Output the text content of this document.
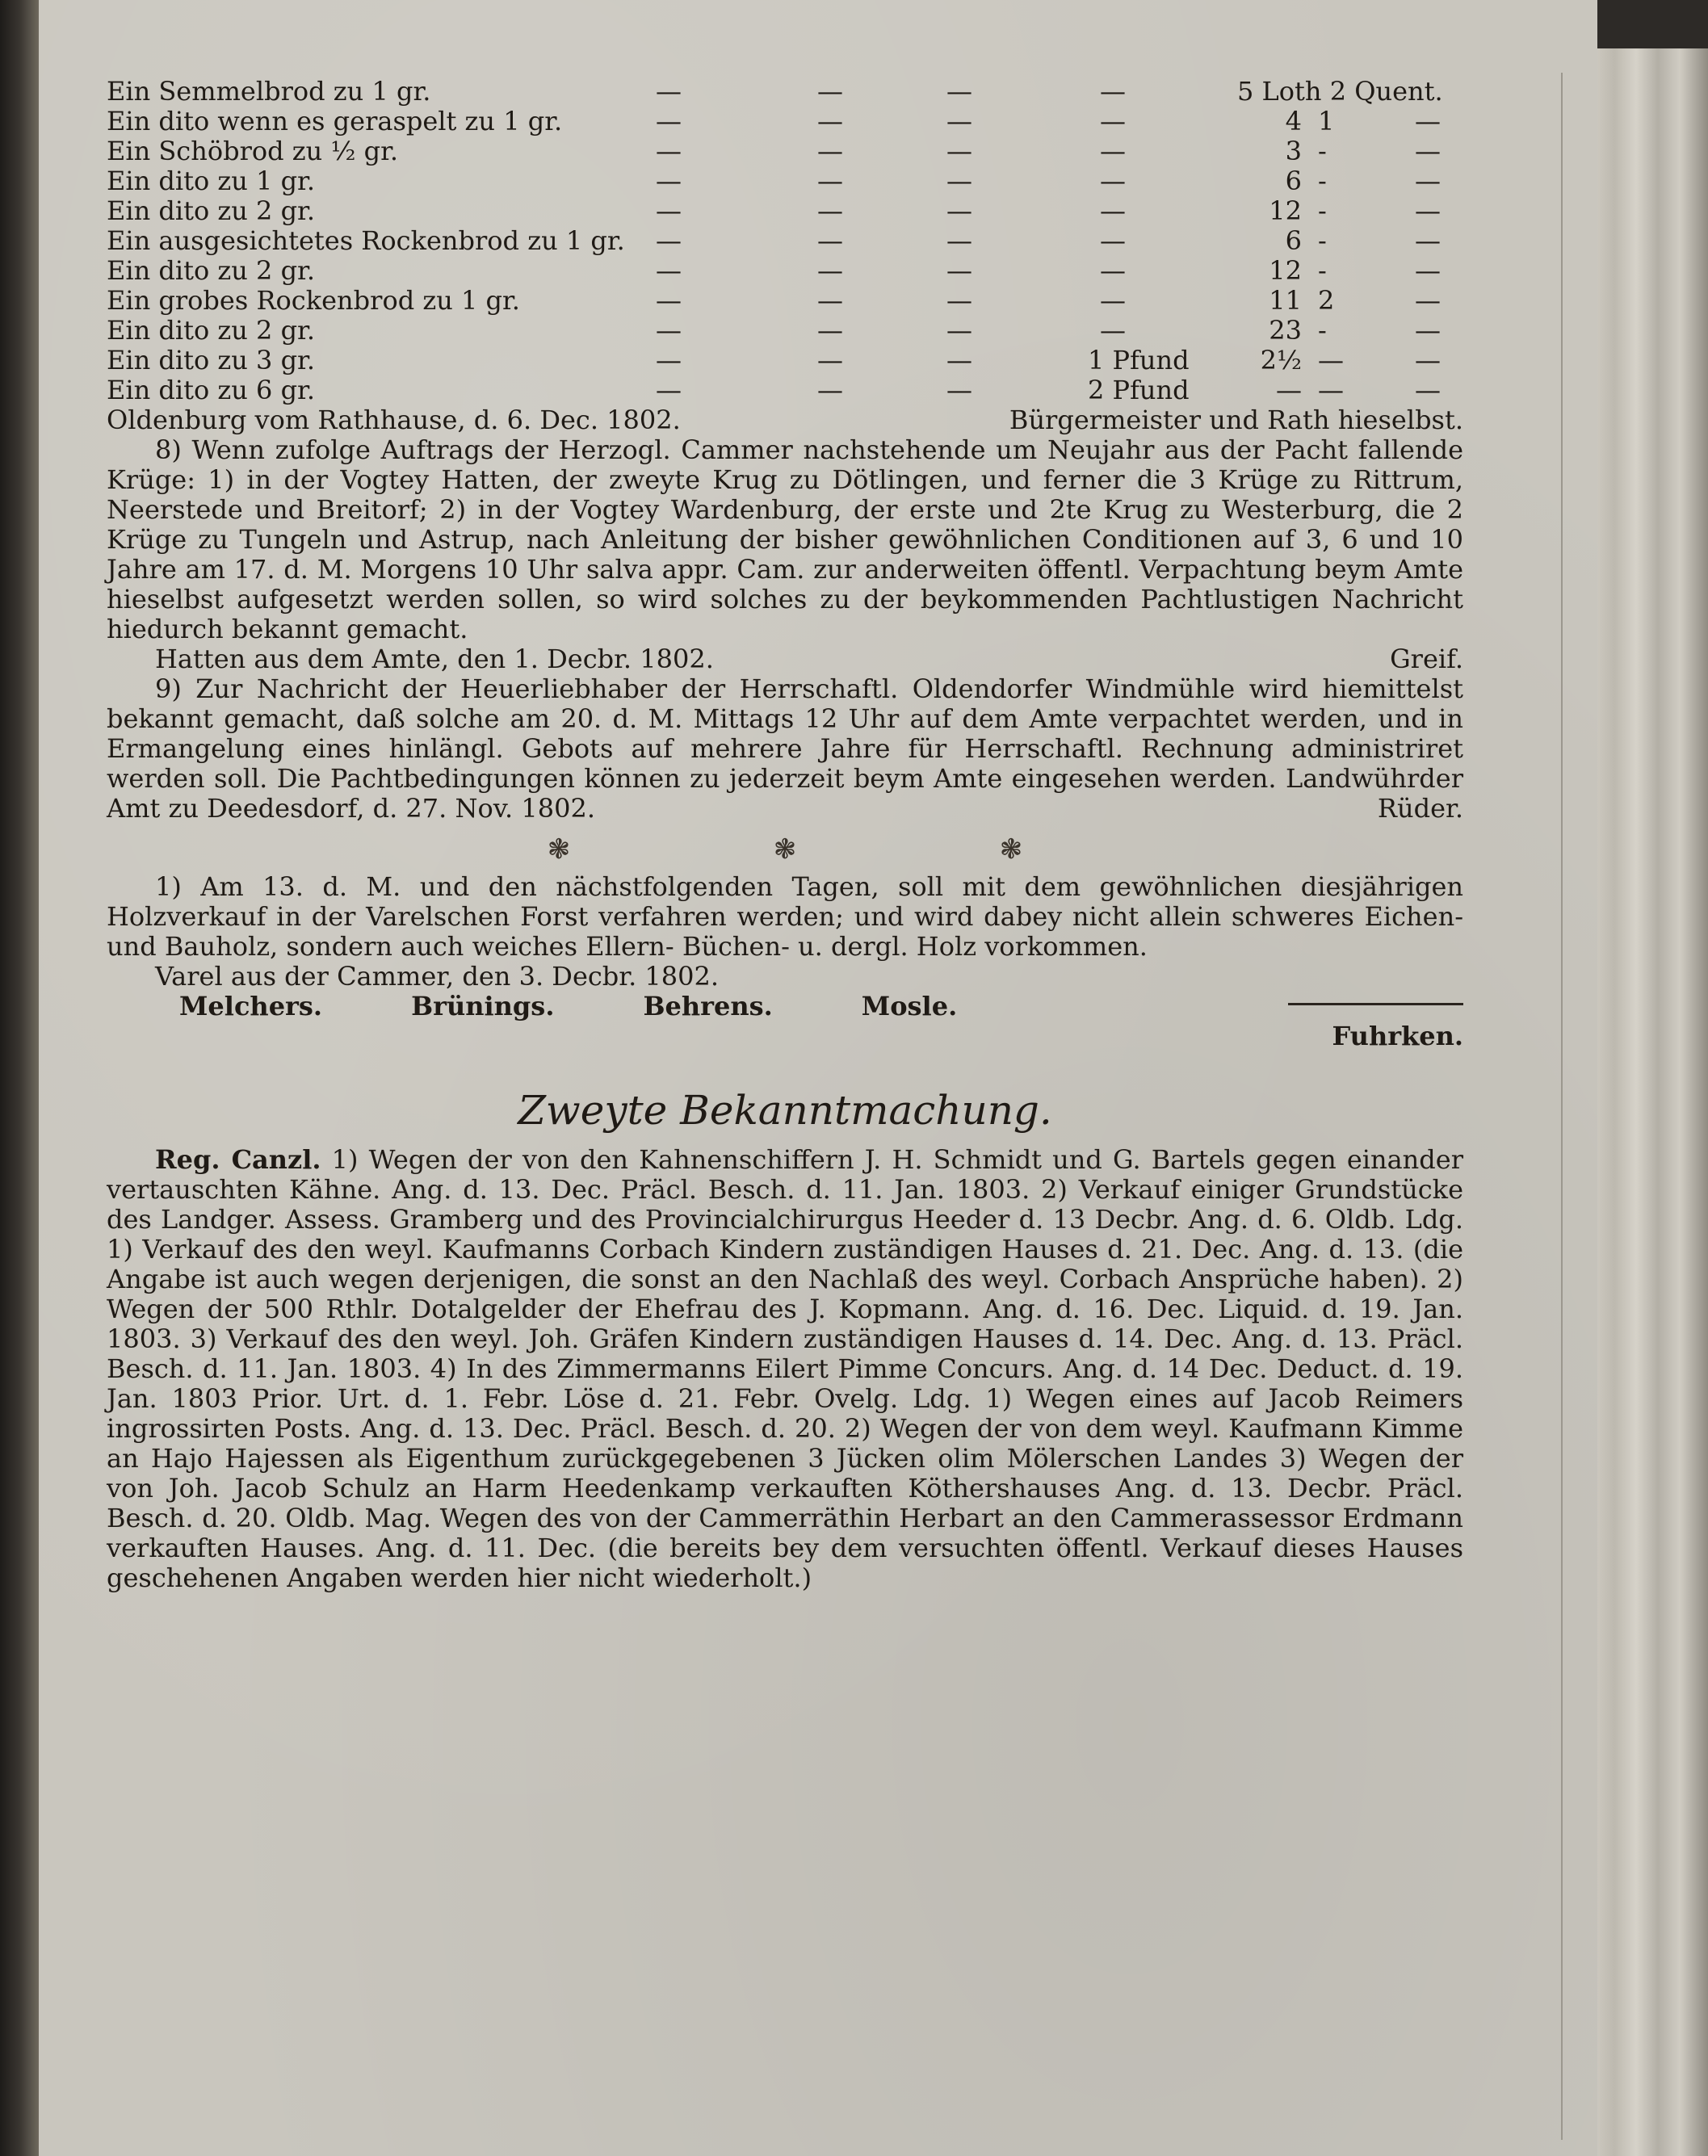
Ein Semmelbrod zu 1 gr.	—	—	—	—	5 Loth 2 Quent.
Ein dito wenn es geraspelt zu 1 gr.	—	—	—	—	4 1	—
Ein Schöbrod zu ½ gr.	—	—	—	—	3 -	—
Ein dito zu 1 gr.	—	—	—	—	6 -	—
Ein dito zu 2 gr.	—	—	—	—	12 -	—
Ein ausgesichtetes Rockenbrod zu 1 gr. —	—	—	—	6 -	—
Ein dito zu 2 gr.	—	—	—	—	12 -	—
Ein grobes Rockenbrod zu 1 gr.	—	—	—	—	11 2	—
Ein dito zu 2 gr.	—	—	—	—	23 -	—
Ein dito zu 3 gr.	—	—	—	1 Pfund	2½ —	—
Ein dito zu 6 gr.	—	—	—	2 Pfund	— —	—
Oldenburg vom Rathhause, d. 6. Dec. 1802.	Bürgermeister und Rath hieselbst.

8) Wenn zufolge Auftrags der Herzogl. Cammer nachstehende um Neujahr aus der Pacht fallende Krüge: 1) in der Vogtey Hatten, der zweyte Krug zu Dötlingen, und ferner die 3 Krüge zu Rittrum, Neerstede und Breitorf; 2) in der Vogtey Wardenburg, der erste und 2te Krug zu Westerburg, die 2 Krüge zu Tungeln und Astrup, nach Anleitung der bisher gewöhnlichen Conditionen auf 3, 6 und 10 Jahre am 17. d. M. Morgens 10 Uhr salva appr. Cam. zur anderweiten öffentl. Verpachtung beym Amte hieselbst aufgesetzt werden sollen, so wird solches zu der beykommenden Pachtlustigen Nachricht hiedurch bekannt gemacht.

Hatten aus dem Amte, den 1. Decbr. 1802.	Greif.

9) Zur Nachricht der Heuerliebhaber der Herrschaftl. Oldendorfer Windmühle wird hiemittelst bekannt gemacht, daß solche am 20. d. M. Mittags 12 Uhr auf dem Amte verpachtet werden, und in Ermangelung eines hinlängl. Gebots auf mehrere Jahre für Herrschaftl. Rechnung administriret werden soll. Die Pachtbedingungen können zu jederzeit beym Amte eingesehen werden. Landwührder Amt zu Deedesdorf, d. 27. Nov. 1802.	Rüder.

❃	❃	❃

1) Am 13. d. M. und den nächstfolgenden Tagen, soll mit dem gewöhnlichen diesjährigen Holzverkauf in der Varelschen Forst verfahren werden; und wird dabey nicht allein schweres Eichen- und Bauholz, sondern auch weiches Ellern- Büchen- u. dergl. Holz vorkommen.

Varel aus der Cammer, den 3. Decbr. 1802.
Melchers.	Brünings.	Behrens.	Mosle.
Fuhrken.
Zweyte Bekanntmachung.

Reg. Canzl. 1) Wegen der von den Kahnenschiffern J. H. Schmidt und G. Bartels gegen einander vertauschten Kähne. Ang. d. 13. Dec. Präcl. Besch. d. 11. Jan. 1803. 2) Verkauf einiger Grundstücke des Landger. Assess. Gramberg und des Provincialchirurgus Heeder d. 13 Decbr. Ang. d. 6. Oldb. Ldg. 1) Verkauf des den weyl. Kaufmanns Corbach Kindern zuständigen Hauses d. 21. Dec. Ang. d. 13. (die Angabe ist auch wegen derjenigen, die sonst an den Nachlaß des weyl. Corbach Ansprüche haben). 2) Wegen der 500 Rthlr. Dotalgelder der Ehefrau des J. Kopmann. Ang. d. 16. Dec. Liquid. d. 19. Jan. 1803. 3) Verkauf des den weyl. Joh. Gräfen Kindern zuständigen Hauses d. 14. Dec. Ang. d. 13. Präcl. Besch. d. 11. Jan. 1803. 4) In des Zimmermanns Eilert Pimme Concurs. Ang. d. 14 Dec. Deduct. d. 19. Jan. 1803 Prior. Urt. d. 1. Febr. Löse d. 21. Febr. Ovelg. Ldg. 1) Wegen eines auf Jacob Reimers ingrossirten Posts. Ang. d. 13. Dec. Präcl. Besch. d. 20. 2) Wegen der von dem weyl. Kaufmann Kimme an Hajo Hajessen als Eigenthum zurückgegebenen 3 Jücken olim Mölerschen Landes 3) Wegen der von Joh. Jacob Schulz an Harm Heedenkamp verkauften Köthershauses Ang. d. 13. Decbr. Präcl. Besch. d. 20. Oldb. Mag. Wegen des von der Cammerräthin Herbart an den Cammerassessor Erdmann verkauften Hauses. Ang. d. 11. Dec. (die bereits bey dem versuchten öffentl. Verkauf dieses Hauses geschehenen Angaben werden hier nicht wiederholt.)
